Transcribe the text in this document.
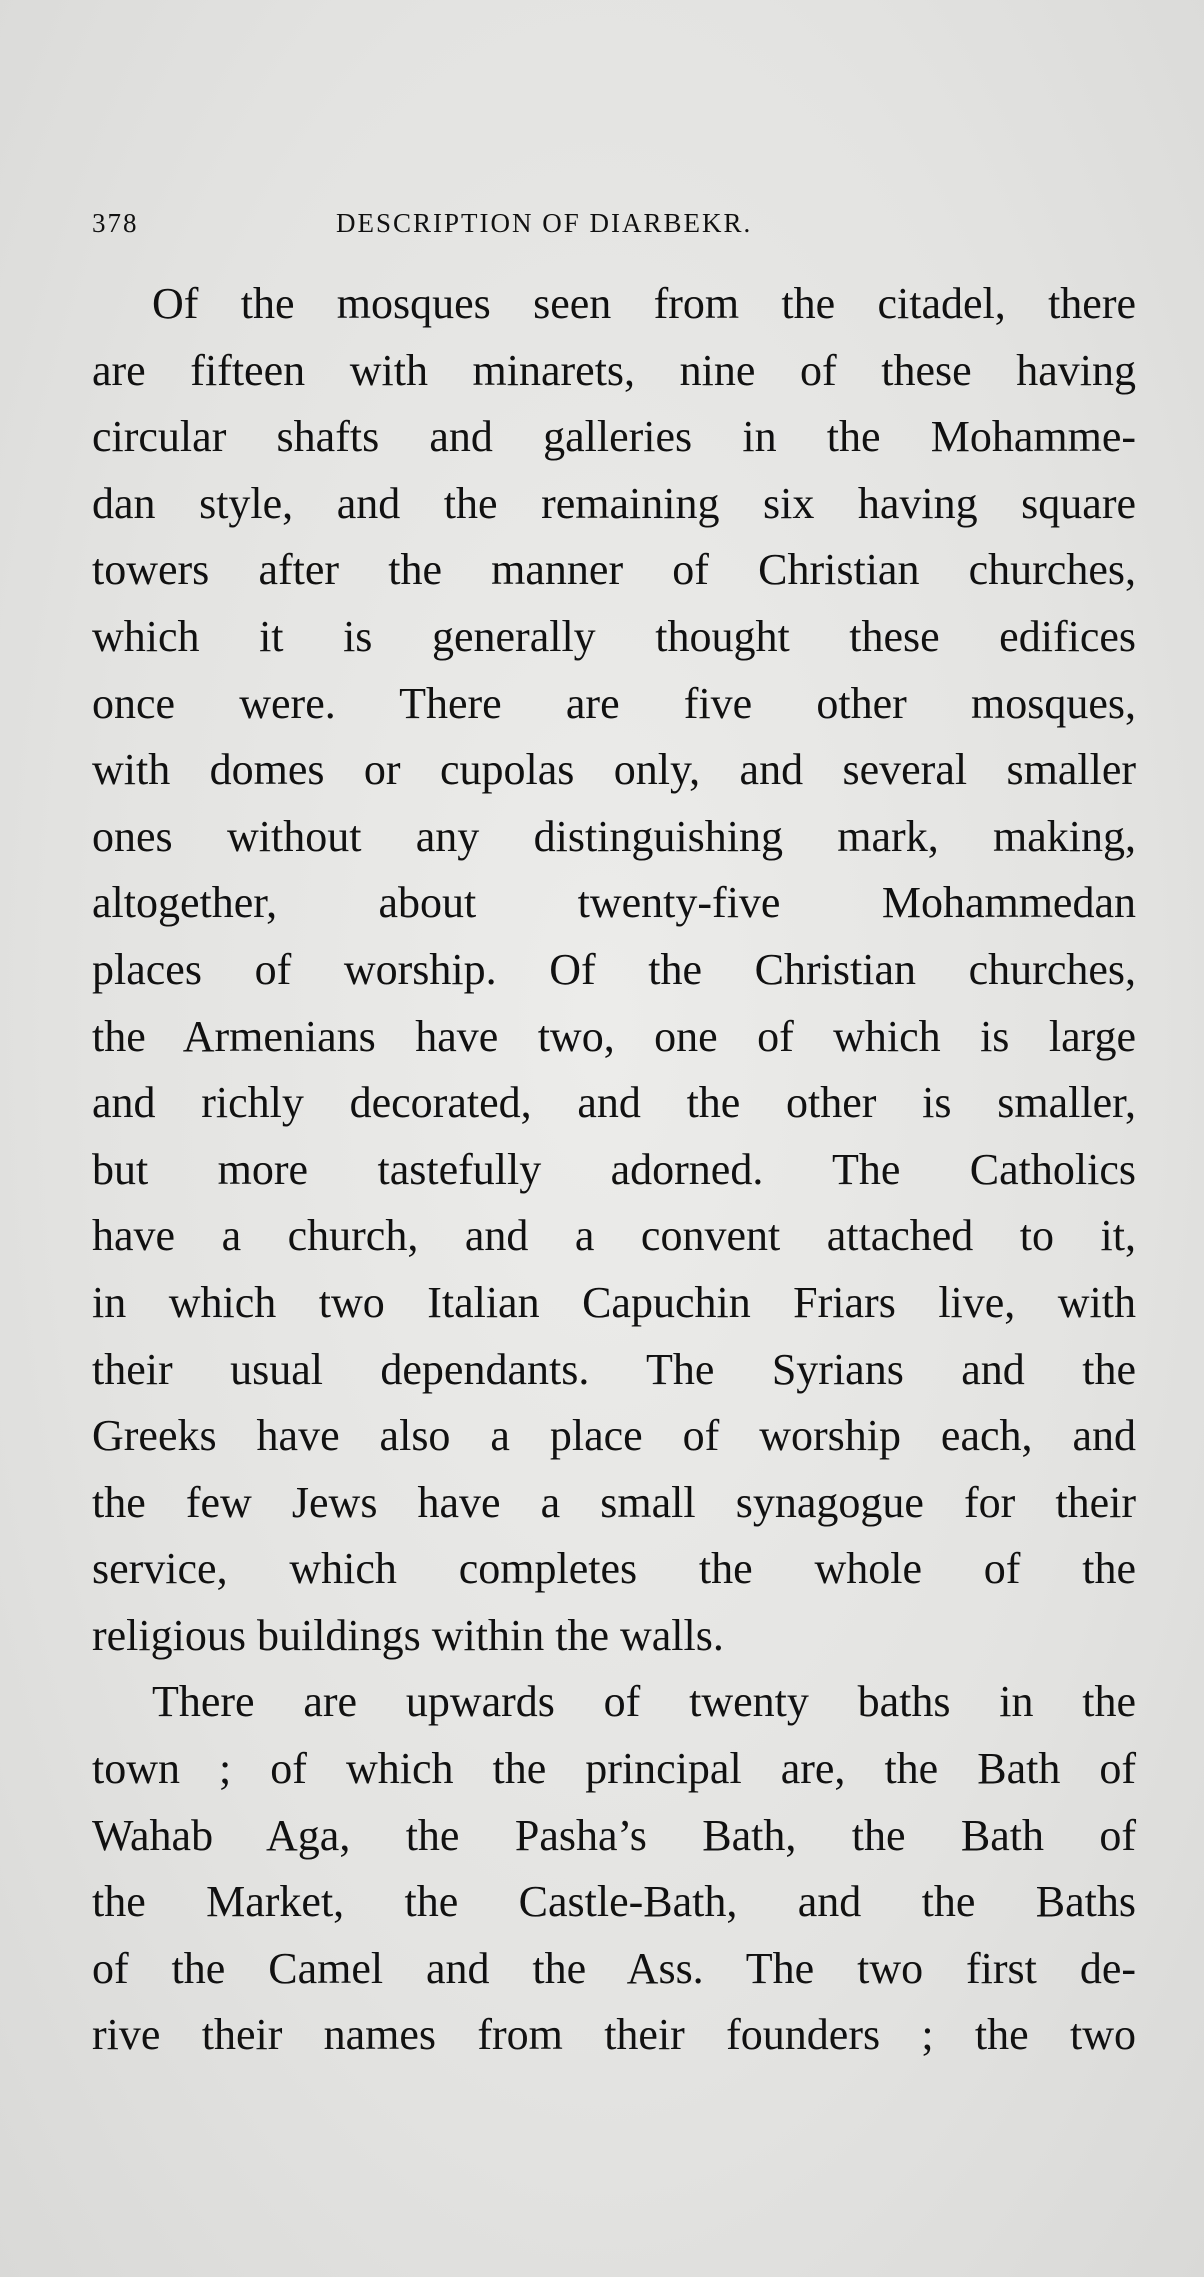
378	DESCRIPTION OF DIARBEKR.
Of the mosques seen from the citadel, there
are fifteen with minarets, nine of these having
circular shafts and galleries in the Mohamme-
dan style, and the remaining six having square
towers after the manner of Christian churches,
which it is generally thought these edifices
once were. There are five other mosques,
with domes or cupolas only, and several smaller
ones without any distinguishing mark, making,
altogether, about twenty-five Mohammedan
places of worship. Of the Christian churches,
the Armenians have two, one of which is large
and richly decorated, and the other is smaller,
but more tastefully adorned. The Catholics
have a church, and a convent attached to it,
in which two Italian Capuchin Friars live, with
their usual dependants. The Syrians and the
Greeks have also a place of worship each, and
the few Jews have a small synagogue for their
service, which completes the whole of the
religious buildings within the walls.
There are upwards of twenty baths in the
town ; of which the principal are, the Bath of
Wahab Aga, the Pasha’s Bath, the Bath of
the Market, the Castle-Bath, and the Baths
of the Camel and the Ass. The two first de-
rive their names from their founders ; the two
